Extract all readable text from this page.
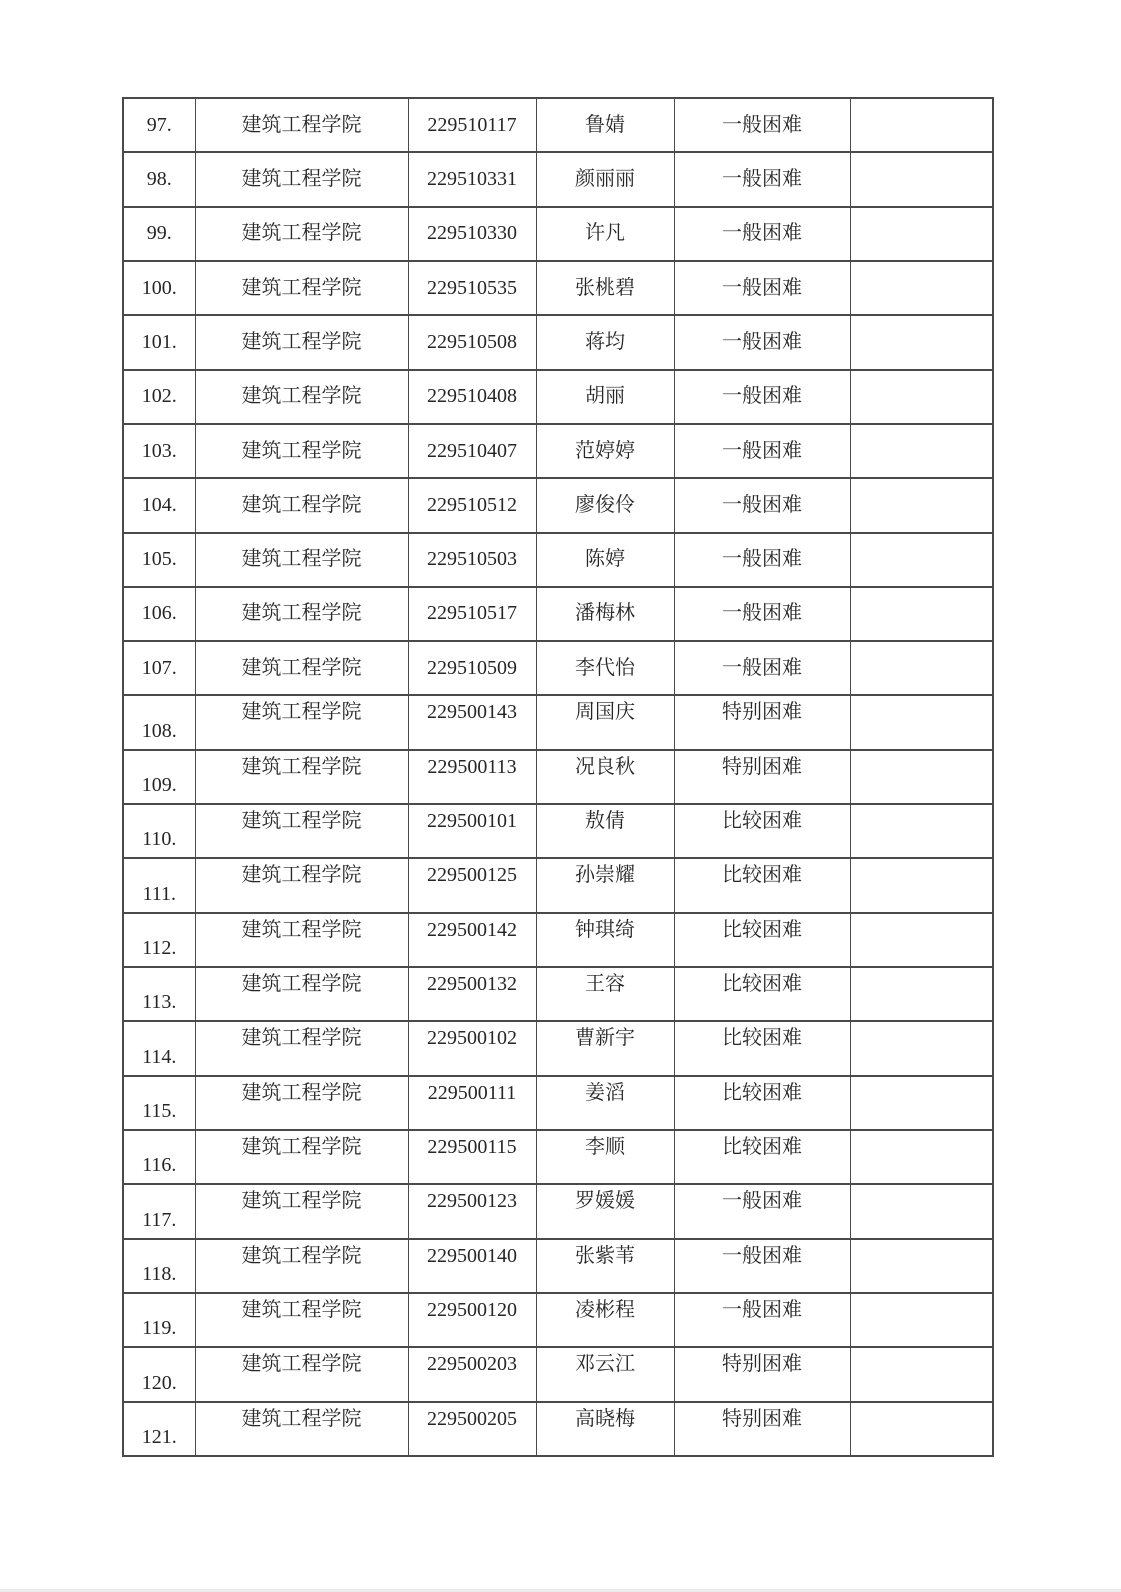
97.	建筑工程学院	229510117	鲁婧	一般困难	
98.	建筑工程学院	229510331	颜丽丽	一般困难	
99.	建筑工程学院	229510330	许凡	一般困难	
100.	建筑工程学院	229510535	张桃碧	一般困难	
101.	建筑工程学院	229510508	蒋均	一般困难	
102.	建筑工程学院	229510408	胡丽	一般困难	
103.	建筑工程学院	229510407	范婷婷	一般困难	
104.	建筑工程学院	229510512	廖俊伶	一般困难	
105.	建筑工程学院	229510503	陈婷	一般困难	
106.	建筑工程学院	229510517	潘梅林	一般困难	
107.	建筑工程学院	229510509	李代怡	一般困难	
108.	建筑工程学院	229500143	周国庆	特别困难	
109.	建筑工程学院	229500113	况良秋	特别困难	
110.	建筑工程学院	229500101	敖倩	比较困难	
111.	建筑工程学院	229500125	孙崇耀	比较困难	
112.	建筑工程学院	229500142	钟琪绮	比较困难	
113.	建筑工程学院	229500132	王容	比较困难	
114.	建筑工程学院	229500102	曹新宇	比较困难	
115.	建筑工程学院	229500111	姜滔	比较困难	
116.	建筑工程学院	229500115	李顺	比较困难	
117.	建筑工程学院	229500123	罗媛媛	一般困难	
118.	建筑工程学院	229500140	张紫苇	一般困难	
119.	建筑工程学院	229500120	凌彬程	一般困难	
120.	建筑工程学院	229500203	邓云江	特别困难	
121.	建筑工程学院	229500205	高晓梅	特别困难	
